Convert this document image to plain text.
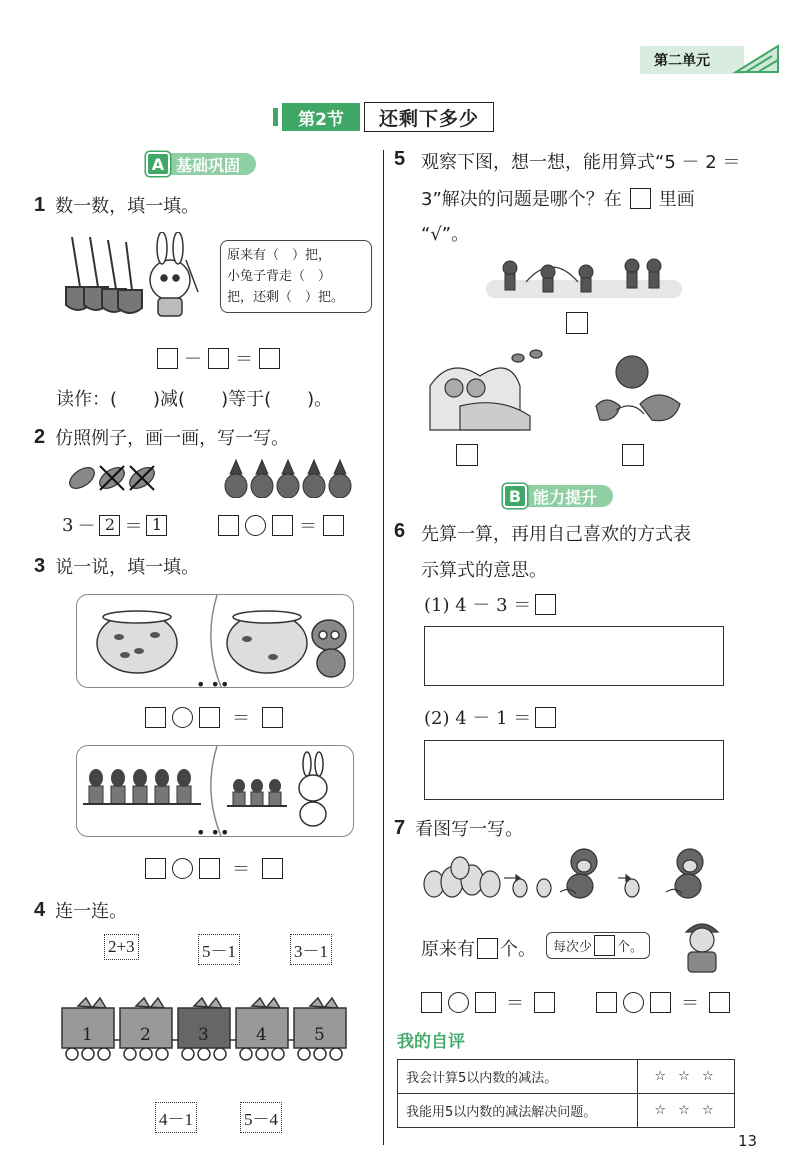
第二单元
第2节	还剩下多少
A 基础巩固
1 数一数，填一填。
原来有（　）把，
小兔子背走（　）
把，还剩（　）把。
－ ＝
读作：(　　)减(　　)等于(　　)。
2 仿照例子，画一画，写一写。
3 － 2 ＝ 1	＝
3 说一说，填一填。
• ••
＝
• ••
＝
4 连一连。
2+3	5－1	3－1
1	2	3	4	5
4－1	5－4
5 观察下图，想一想，能用算式“5 － 2 ＝
3”解决的问题是哪个？在 里画
“√”。
B 能力提升
6 先算一算，再用自己喜欢的方式表
示算式的意思。
(1) 4 － 3 ＝
(2) 4 － 1 ＝
7 看图写一写。
原来有 个。 每次少 个。
＝	＝
我的自评
我会计算5以内数的减法。	☆ ☆ ☆
我能用5以内数的减法解决问题。	☆ ☆ ☆
13
